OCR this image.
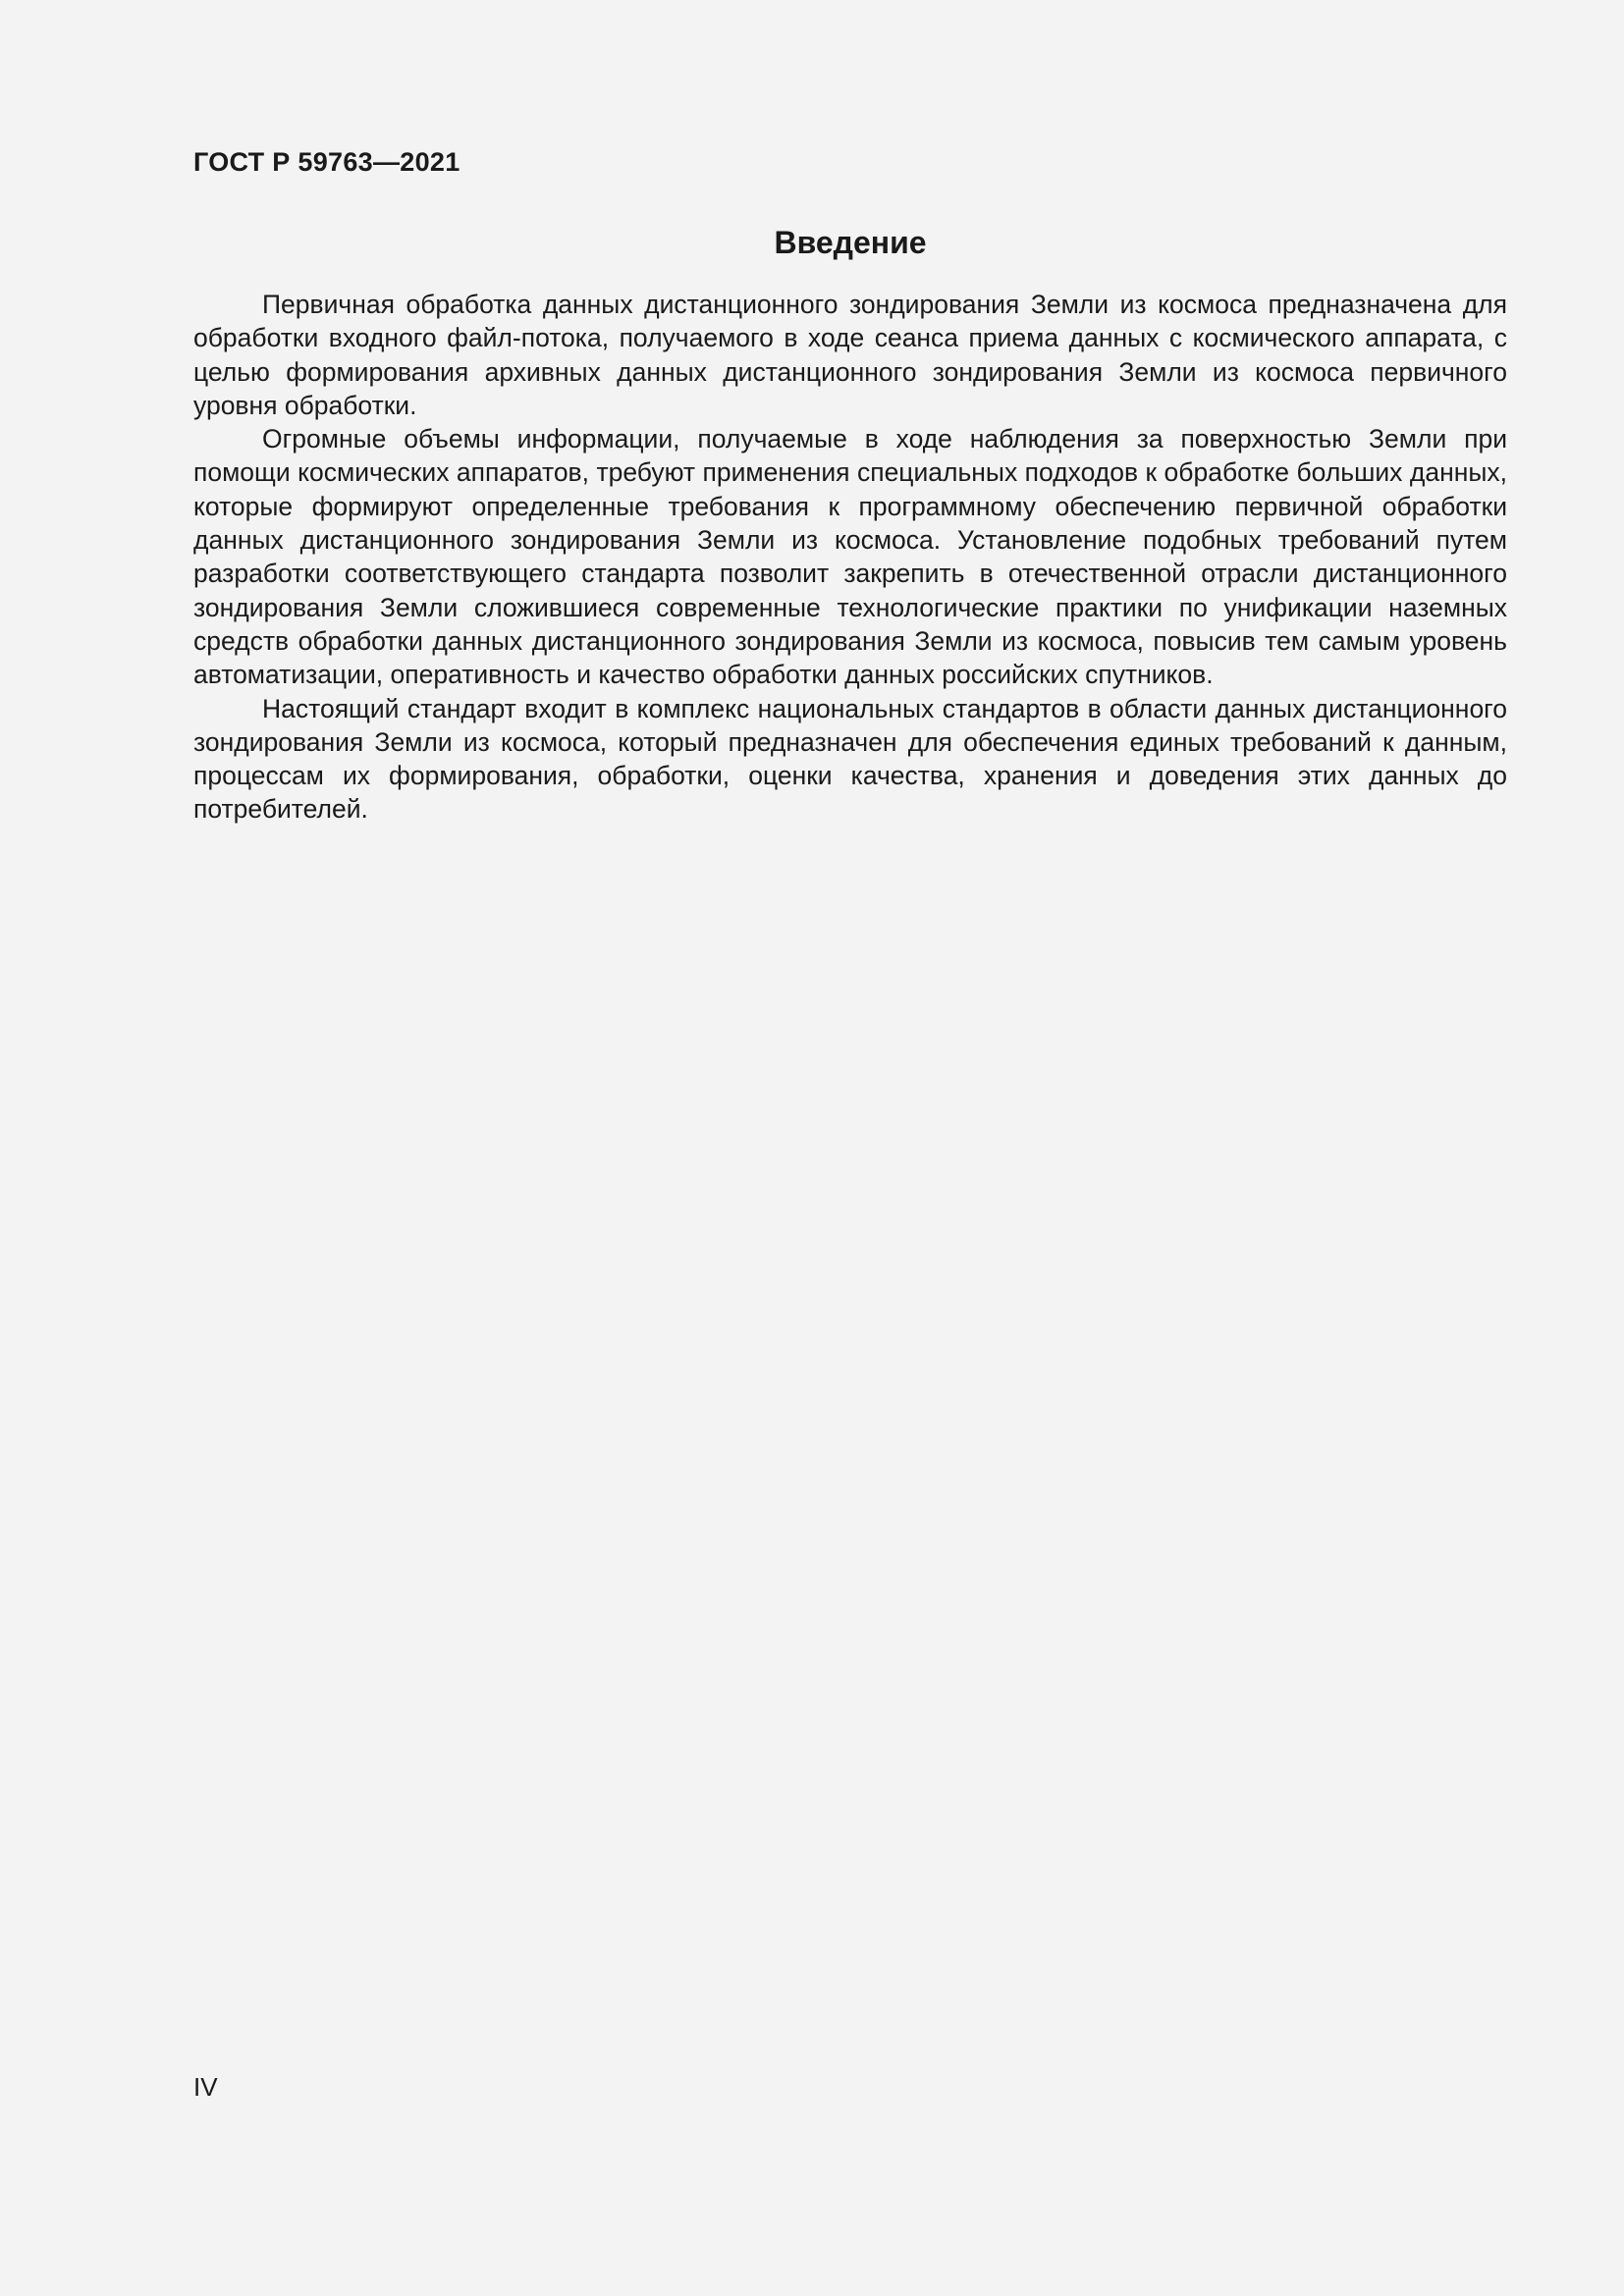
ГОСТ Р 59763—2021
Введение

Первичная обработка данных дистанционного зондирования Земли из космоса предназначена для обработки входного файл-потока, получаемого в ходе сеанса приема данных с космического аппарата, с целью формирования архивных данных дистанционного зондирования Земли из космоса первичного уровня обработки.

Огромные объемы информации, получаемые в ходе наблюдения за поверхностью Земли при помощи космических аппаратов, требуют применения специальных подходов к обработке больших данных, которые формируют определенные требования к программному обеспечению первичной обработки данных дистанционного зондирования Земли из космоса. Установление подобных требований путем разработки соответствующего стандарта позволит закрепить в отечественной отрасли дистанционного зондирования Земли сложившиеся современные технологические практики по унификации наземных средств обработки данных дистанционного зондирования Земли из космоса, повысив тем самым уровень автоматизации, оперативность и качество обработки данных российских спутников.

Настоящий стандарт входит в комплекс национальных стандартов в области данных дистанционного зондирования Земли из космоса, который предназначен для обеспечения единых требований к данным, процессам их формирования, обработки, оценки качества, хранения и доведения этих данных до потребителей.

IV
